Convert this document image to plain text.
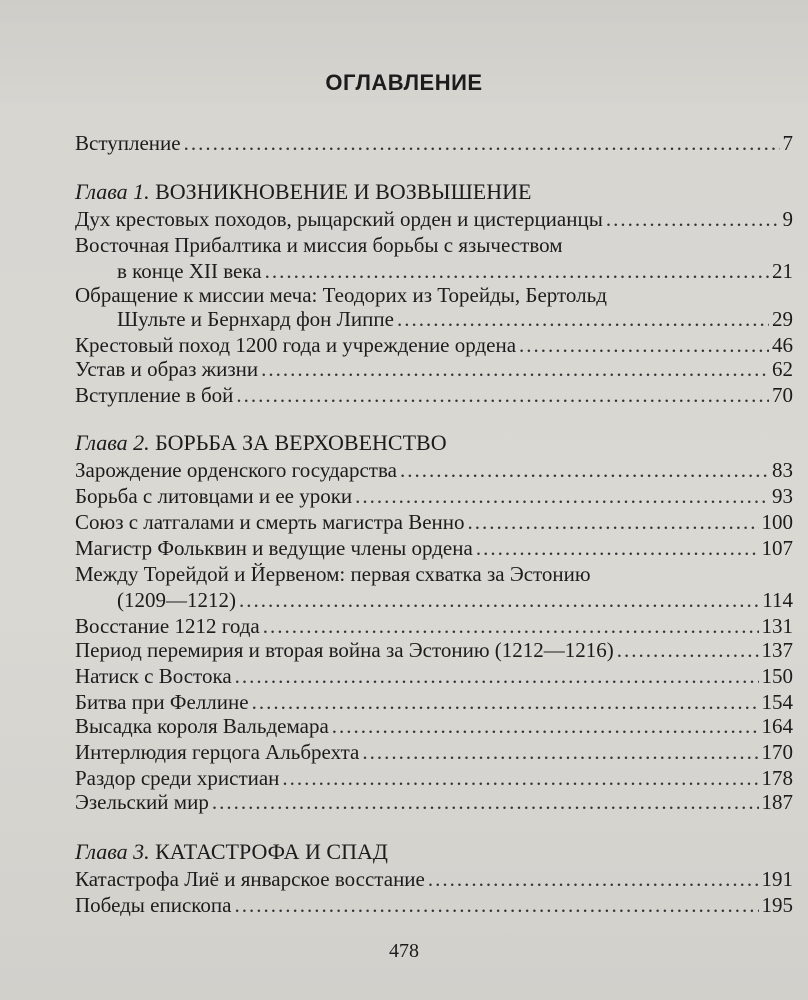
ОГЛАВЛЕНИЕ
Вступление .....	7
Глава 1. ВОЗНИКНОВЕНИЕ И ВОЗВЫШЕНИЕ
Дух крестовых походов, рыцарский орден и цистерцианцы .....	9
Восточная Прибалтика и миссия борьбы с язычеством
в конце XII века .....	21
Обращение к миссии меча: Теодорих из Торейды, Бертольд
Шульте и Бернхард фон Липпе .....	29
Крестовый поход 1200 года и учреждение ордена .....	46
Устав и образ жизни .....	62
Вступление в бой .....	70
Глава 2. БОРЬБА ЗА ВЕРХОВЕНСТВО
Зарождение орденского государства .....	83
Борьба с литовцами и ее уроки .....	93
Союз с латгалами и смерть магистра Венно .....	100
Магистр Фольквин и ведущие члены ордена .....	107
Между Торейдой и Йервеном: первая схватка за Эстонию
(1209—1212) .....	114
Восстание 1212 года .....	131
Период перемирия и вторая война за Эстонию (1212—1216) .....	137
Натиск с Востока .....	150
Битва при Феллине .....	154
Высадка короля Вальдемара .....	164
Интерлюдия герцога Альбрехта .....	170
Раздор среди христиан .....	178
Эзельский мир .....	187
Глава 3. КАТАСТРОФА И СПАД
Катастрофа Лиё и январское восстание .....	191
Победы епископа .....	195
478
